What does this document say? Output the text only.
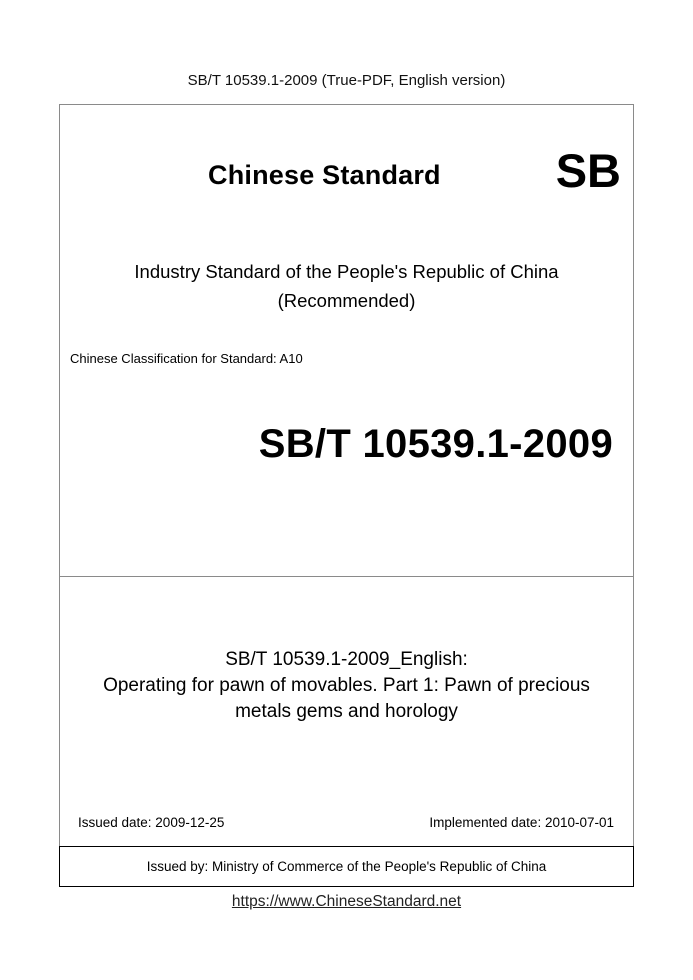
SB/T 10539.1-2009 (True-PDF, English version)
Chinese Standard SB
Industry Standard of the People's Republic of China
(Recommended)
Chinese Classification for Standard: A10
SB/T 10539.1-2009
SB/T 10539.1-2009_English:
Operating for pawn of movables. Part 1: Pawn of precious
metals gems and horology
Issued date: 2009-12-25	Implemented date: 2010-07-01
Issued by: Ministry of Commerce of the People's Republic of China
https://www.ChineseStandard.net
